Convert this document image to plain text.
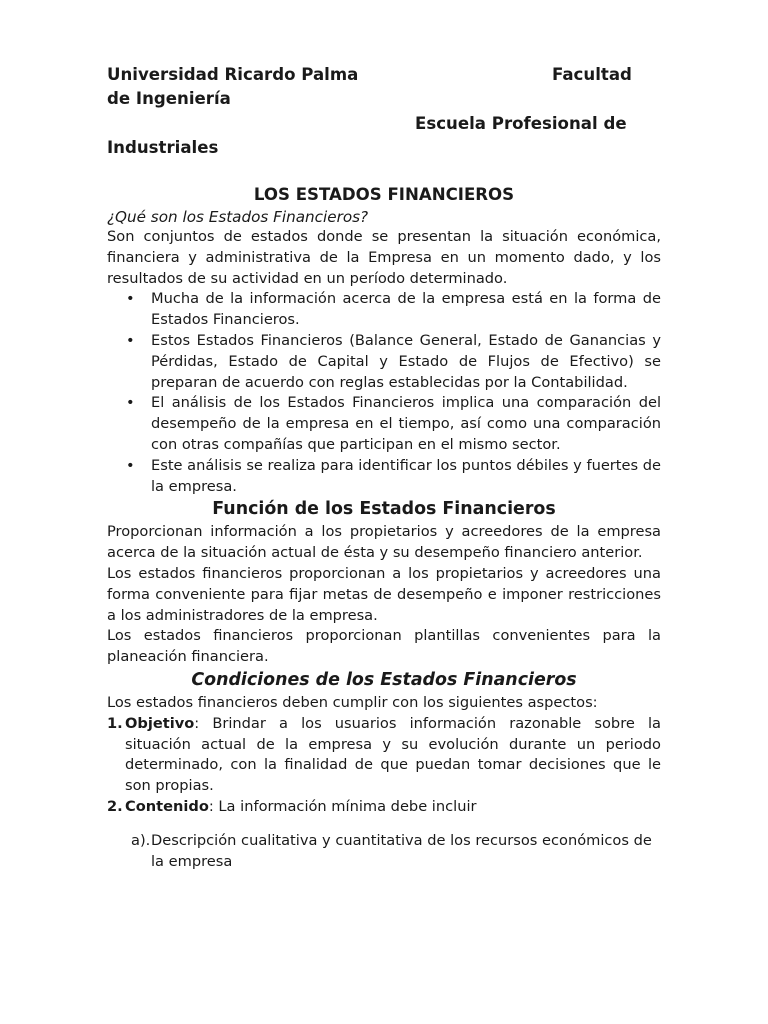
Universidad Ricardo Palma	Facultad
de Ingeniería
Escuela Profesional de
Industriales
LOS ESTADOS FINANCIEROS
¿Qué son los Estados Financieros?
Son conjuntos de estados donde se presentan la situación económica, financiera y administrativa de la Empresa en un momento dado, y los resultados de su actividad en un período determinado.
• Mucha de la información acerca de la empresa está en la forma de Estados Financieros.
• Estos Estados Financieros (Balance General, Estado de Ganancias y Pérdidas, Estado de Capital y Estado de Flujos de Efectivo) se preparan de acuerdo con reglas establecidas por la Contabilidad.
• El análisis de los Estados Financieros implica una comparación del desempeño de la empresa en el tiempo, así como una comparación con otras compañías que participan en el mismo sector.
• Este análisis se realiza para identificar los puntos débiles y fuertes de la empresa.
Función de los Estados Financieros
Proporcionan información a los propietarios y acreedores de la empresa acerca de la situación actual de ésta y su desempeño financiero anterior.
Los estados financieros proporcionan a los propietarios y acreedores una forma conveniente para fijar metas de desempeño e imponer restricciones a los administradores de la empresa.
Los estados financieros proporcionan plantillas convenientes para la planeación financiera.
Condiciones de los Estados Financieros
Los estados financieros deben cumplir con los siguientes aspectos:
1. Objetivo: Brindar a los usuarios información razonable sobre la situación actual de la empresa y su evolución durante un periodo determinado, con la finalidad de que puedan tomar decisiones que le son propias.
2. Contenido: La información mínima debe incluir
a). Descripción cualitativa y cuantitativa de los recursos económicos de la empresa
